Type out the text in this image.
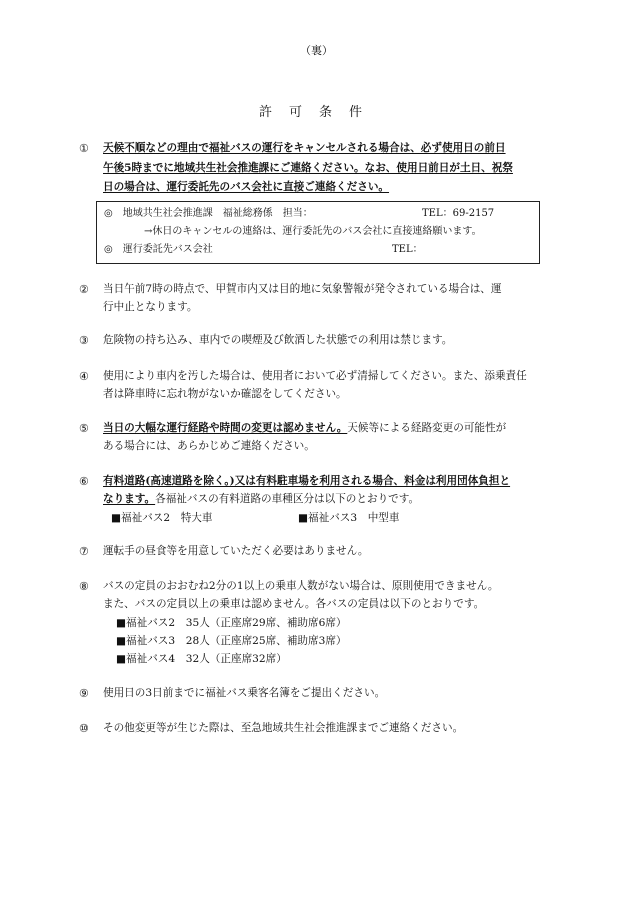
（裏）
許　可　条　件
① 天候不順などの理由で福祉バスの運行をキャンセルされる場合は、必ず使用日の前日
午後5時までに地域共生社会推進課にご連絡ください。なお、使用日前日が土日、祝祭
日の場合は、運行委託先のバス会社に直接ご連絡ください。
◎　地域共生社会推進課　福祉総務係　担当：	TEL：69-2157
→休日のキャンセルの連絡は、運行委託先のバス会社に直接連絡願います。
◎　運行委託先バス会社	TEL：
② 当日午前7時の時点で、甲賀市内又は目的地に気象警報が発令されている場合は、運
行中止となります。
③ 危険物の持ち込み、車内での喫煙及び飲酒した状態での利用は禁じます。
④ 使用により車内を汚した場合は、使用者において必ず清掃してください。また、添乗責任
者は降車時に忘れ物がないか確認をしてください。
⑤ 当日の大幅な運行経路や時間の変更は認めません。天候等による経路変更の可能性が
ある場合には、あらかじめご連絡ください。
⑥ 有料道路(高速道路を除く。)又は有料駐車場を利用される場合、料金は利用団体負担と
なります。各福祉バスの有料道路の車種区分は以下のとおりです。
■福祉バス2　特大車	■福祉バス3　中型車
⑦ 運転手の昼食等を用意していただく必要はありません。
⑧ バスの定員のおおむね2分の1以上の乗車人数がない場合は、原則使用できません。
また、バスの定員以上の乗車は認めません。各バスの定員は以下のとおりです。
■福祉バス2　35人（正座席29席、補助席6席）
■福祉バス3　28人（正座席25席、補助席3席）
■福祉バス4　32人（正座席32席）
⑨ 使用日の3日前までに福祉バス乗客名簿をご提出ください。
⑩ その他変更等が生じた際は、至急地域共生社会推進課までご連絡ください。
